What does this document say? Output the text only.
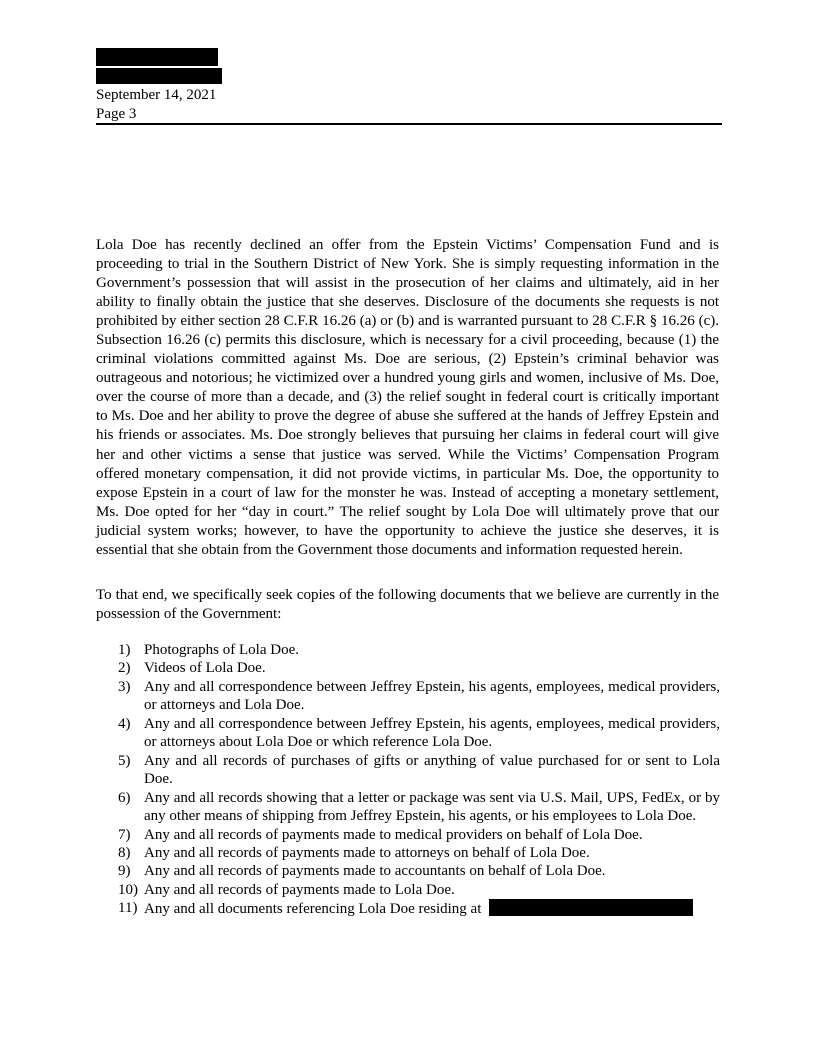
September 14, 2021
Page 3

Lola Doe has recently declined an offer from the Epstein Victims’ Compensation Fund and is proceeding to trial in the Southern District of New York. She is simply requesting information in the Government’s possession that will assist in the prosecution of her claims and ultimately, aid in her ability to finally obtain the justice that she deserves. Disclosure of the documents she requests is not prohibited by either section 28 C.F.R 16.26 (a) or (b) and is warranted pursuant to 28 C.F.R § 16.26 (c). Subsection 16.26 (c) permits this disclosure, which is necessary for a civil proceeding, because (1) the criminal violations committed against Ms. Doe are serious, (2) Epstein’s criminal behavior was outrageous and notorious; he victimized over a hundred young girls and women, inclusive of Ms. Doe, over the course of more than a decade, and (3) the relief sought in federal court is critically important to Ms. Doe and her ability to prove the degree of abuse she suffered at the hands of Jeffrey Epstein and his friends or associates. Ms. Doe strongly believes that pursuing her claims in federal court will give her and other victims a sense that justice was served. While the Victims’ Compensation Program offered monetary compensation, it did not provide victims, in particular Ms. Doe, the opportunity to expose Epstein in a court of law for the monster he was. Instead of accepting a monetary settlement, Ms. Doe opted for her “day in court.” The relief sought by Lola Doe will ultimately prove that our judicial system works; however, to have the opportunity to achieve the justice she deserves, it is essential that she obtain from the Government those documents and information requested herein.

To that end, we specifically seek copies of the following documents that we believe are currently in the possession of the Government:

1) Photographs of Lola Doe.
2) Videos of Lola Doe.
3) Any and all correspondence between Jeffrey Epstein, his agents, employees, medical providers, or attorneys and Lola Doe.
4) Any and all correspondence between Jeffrey Epstein, his agents, employees, medical providers, or attorneys about Lola Doe or which reference Lola Doe.
5) Any and all records of purchases of gifts or anything of value purchased for or sent to Lola Doe.
6) Any and all records showing that a letter or package was sent via U.S. Mail, UPS, FedEx, or by any other means of shipping from Jeffrey Epstein, his agents, or his employees to Lola Doe.
7) Any and all records of payments made to medical providers on behalf of Lola Doe.
8) Any and all records of payments made to attorneys on behalf of Lola Doe.
9) Any and all records of payments made to accountants on behalf of Lola Doe.
10) Any and all records of payments made to Lola Doe.
11) Any and all documents referencing Lola Doe residing at
